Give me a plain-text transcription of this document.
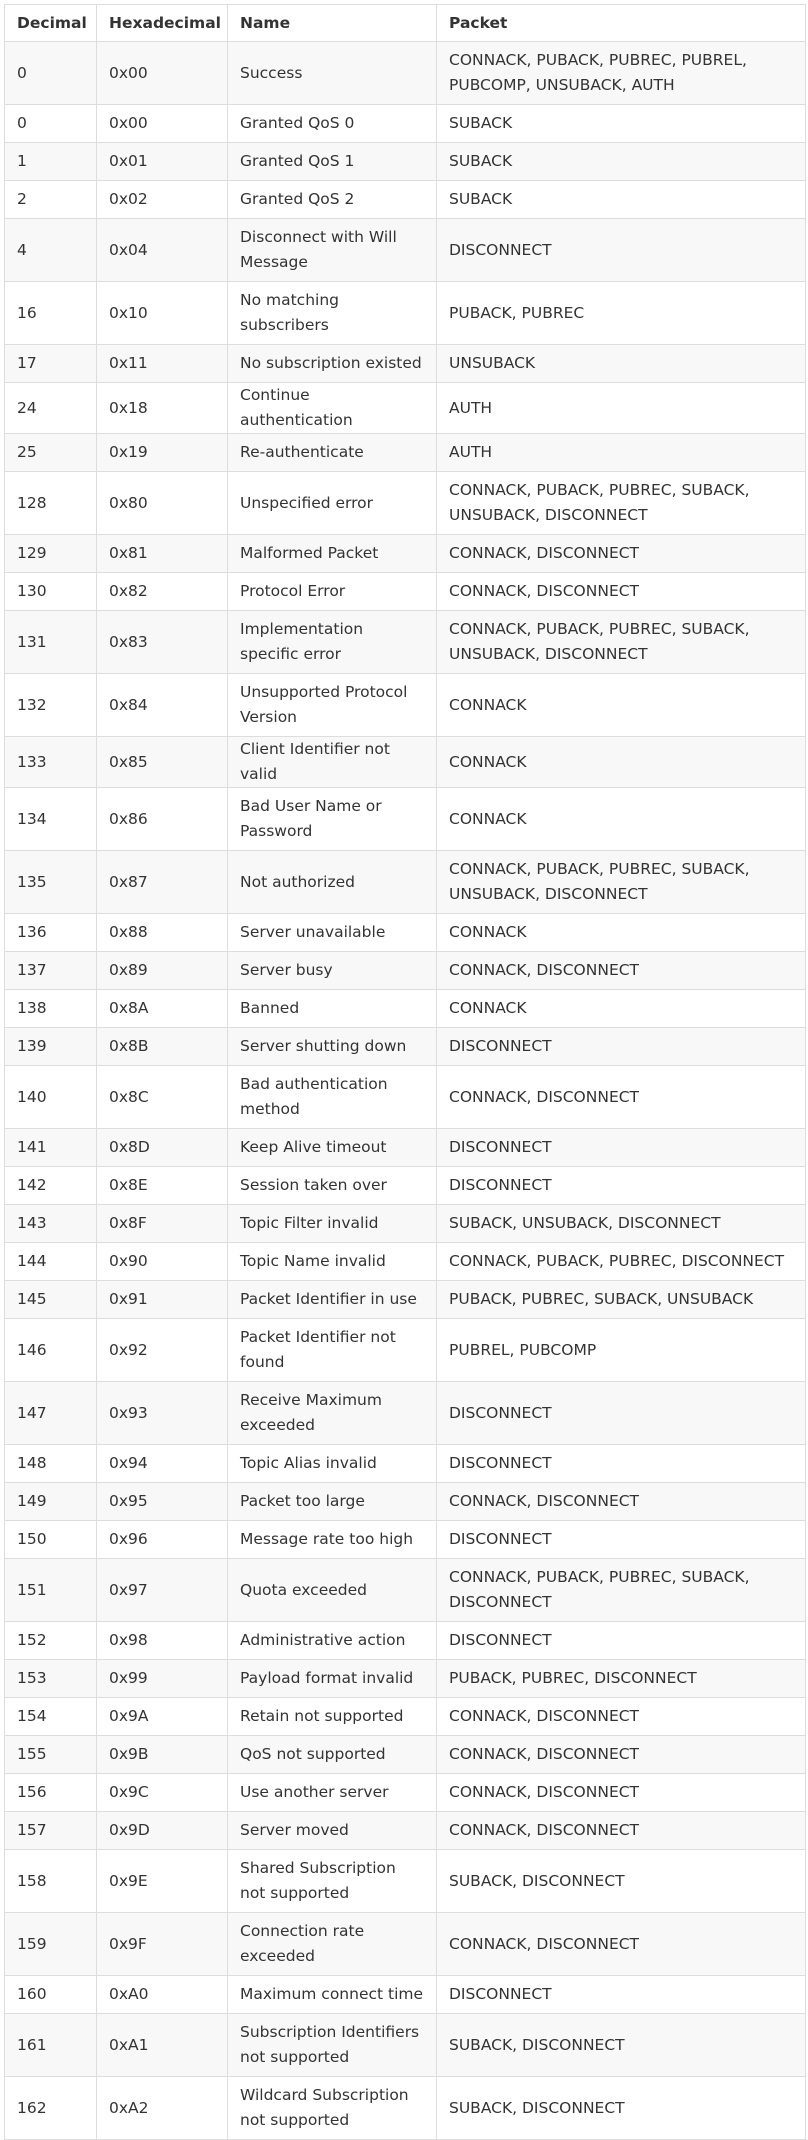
Decimal	Hexadecimal	Name	Packet
0	0x00	Success	CONNACK, PUBACK, PUBREC, PUBREL, PUBCOMP, UNSUBACK, AUTH
0	0x00	Granted QoS 0	SUBACK
1	0x01	Granted QoS 1	SUBACK
2	0x02	Granted QoS 2	SUBACK
4	0x04	Disconnect with Will Message	DISCONNECT
16	0x10	No matching subscribers	PUBACK, PUBREC
17	0x11	No subscription existed	UNSUBACK
24	0x18	Continue authentication	AUTH
25	0x19	Re-authenticate	AUTH
128	0x80	Unspecified error	CONNACK, PUBACK, PUBREC, SUBACK, UNSUBACK, DISCONNECT
129	0x81	Malformed Packet	CONNACK, DISCONNECT
130	0x82	Protocol Error	CONNACK, DISCONNECT
131	0x83	Implementation specific error	CONNACK, PUBACK, PUBREC, SUBACK, UNSUBACK, DISCONNECT
132	0x84	Unsupported Protocol Version	CONNACK
133	0x85	Client Identifier not valid	CONNACK
134	0x86	Bad User Name or Password	CONNACK
135	0x87	Not authorized	CONNACK, PUBACK, PUBREC, SUBACK, UNSUBACK, DISCONNECT
136	0x88	Server unavailable	CONNACK
137	0x89	Server busy	CONNACK, DISCONNECT
138	0x8A	Banned	CONNACK
139	0x8B	Server shutting down	DISCONNECT
140	0x8C	Bad authentication method	CONNACK, DISCONNECT
141	0x8D	Keep Alive timeout	DISCONNECT
142	0x8E	Session taken over	DISCONNECT
143	0x8F	Topic Filter invalid	SUBACK, UNSUBACK, DISCONNECT
144	0x90	Topic Name invalid	CONNACK, PUBACK, PUBREC, DISCONNECT
145	0x91	Packet Identifier in use	PUBACK, PUBREC, SUBACK, UNSUBACK
146	0x92	Packet Identifier not found	PUBREL, PUBCOMP
147	0x93	Receive Maximum exceeded	DISCONNECT
148	0x94	Topic Alias invalid	DISCONNECT
149	0x95	Packet too large	CONNACK, DISCONNECT
150	0x96	Message rate too high	DISCONNECT
151	0x97	Quota exceeded	CONNACK, PUBACK, PUBREC, SUBACK, DISCONNECT
152	0x98	Administrative action	DISCONNECT
153	0x99	Payload format invalid	PUBACK, PUBREC, DISCONNECT
154	0x9A	Retain not supported	CONNACK, DISCONNECT
155	0x9B	QoS not supported	CONNACK, DISCONNECT
156	0x9C	Use another server	CONNACK, DISCONNECT
157	0x9D	Server moved	CONNACK, DISCONNECT
158	0x9E	Shared Subscription not supported	SUBACK, DISCONNECT
159	0x9F	Connection rate exceeded	CONNACK, DISCONNECT
160	0xA0	Maximum connect time	DISCONNECT
161	0xA1	Subscription Identifiers not supported	SUBACK, DISCONNECT
162	0xA2	Wildcard Subscription not supported	SUBACK, DISCONNECT
